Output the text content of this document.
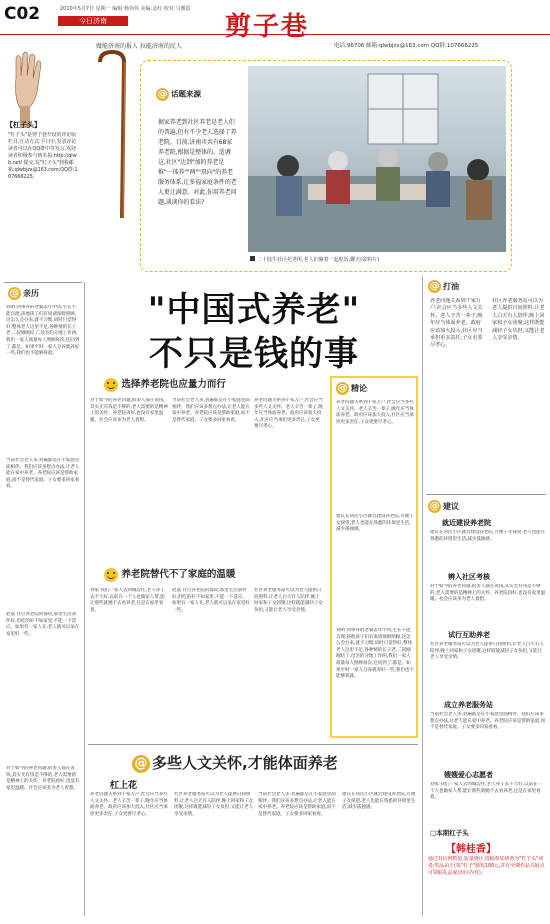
C02	2010年5月7日 星期一 编辑:杨伟伟 美编:金红 校对:马雅霞
今日济南	剪子巷
做能济南的报人 拉能济南的民人	电话:96706 邮箱:qlwbjzx@163.com QQ群:107666225
【杠子头】
"杠子头"是剪子巷开设的评论版栏目,互动方式:平日中,发表评论读者可以在QQ群中等发言,欢迎读者积极参与到本报,http://qlwb.net/ 提交,发"杠子头"到我邮箱:qlwbjzx@163.com;QQ群:107666225。
@ 话题来源
据家养老到社区养老是老人们的普遍,但有不少老人选择了养老院。目前,济南市共有68家养老院,根据是整体的。适调这,社区"达到"加的养老是推"一体养""两""双向"的养老服务体系,让多福家庭条件的老人更让满意。对此,你用养老问题,谈谈你的看法?
二十陆生社区托老所,老人们聚着一起吃饭,聊天(资料片)
@ 打油
养老问题关系到千家万户,社会应当多些人文关怀。老人辛苦一辈子,晚年应当体面养老。政府应该加大投入,社区应当承担更多责任,子女更要尽孝心。
社区养老服务站可以为老人提供日间照料,让老人白天有人陪伴,晚上回家和子女团聚,这样既能减轻子女负担,又能让老人享受亲情。
@ 建议
就近建设养老院
建议在居民小区就近建设养老院,方便子女探望,老人也能在熟悉的环境里生活,减少孤独感。
辨入社区考核
对于如今的养老问题,很多人都在说钱,其实光有钱是不够的,老人需要的是精神上的关怀。养老院再好,也没有家里温暖。社会应该多为老人着想。
试行互助养老
社区养老服务站可以为老人提供日间照料,让老人白天有人陪伴,晚上回家和子女团聚,这样既能减轻子女负担,又能让老人享受亲情。
成立养老服务站
当前社会老人多,普遍都是在小家庭里面相伴。我们应该多想点办法,让老人能在家中养老。养老院应该是帮助家庭,而不是替代家庭。子女要多回家看看。
嫂嫂爱心志愿者
刘家 我们一家人去到城边住,老人身子去不大好,以前在一个人也做家人帮,能让那些就她不去看养老,还是在家里看着。
□本期杠子头
【韩桂香】
通过对话网数量,质量统计,投稿参加读者为"杠子头"读者,奖品由于(每"杠子"颁发100元,并在至期作品书展点可领取礼品家(市区内有)。
"中国式养老"
不只是钱的事
@ 亲历
刘明 同事养的老婆去年中风,生在不能自理,孩他孩子们有说请保姆照顾,这怎么会办来,就不习惯,同时只觉得好,整体老人这里不足,各种情的长子老,二叔刚刚结了,母亲的分地工作两,我们一家人商量每人照顾每次,还问到了,都是。如果平时一家人分养就养好一些,我们也不能够将就。
当前社会老人多,普遍都是在小家庭里面相伴。我们应该多想点办法,让老人能在家中养老。养老院应该是帮助家庭,而不是替代家庭。子女要多回家看看。
赵荔 住过养老院的都说,那里生活条件好,但吃的好不如家里,不能一下适应。如果有一家人在,老人就可以呆在家里好一些。
对于如今的养老问题,很多人都在说钱,其实光有钱是不够的,老人需要的是精神上的关怀。养老院再好,也没有家里温暖。社会应该多为老人着想。
选择养老院也应量力而行
对于如今的养老问题,很多人都在说钱,其实光有钱是不够的,老人需要的是精神上的关怀。养老院再好,也没有家里温暖。社会应该多为老人着想。
当前社会老人多,普遍都是在小家庭里面相伴。我们应该多想点办法,让老人能在家中养老。养老院应该是帮助家庭,而不是替代家庭。子女要多回家看看。
养老问题关系到千家万户,社会应当多些人文关怀。老人辛苦一辈子,晚年应当体面养老。政府应该加大投入,社区应当承担更多责任,子女更要尽孝心。
养老院替代不了家庭的温暖
刘家 我们一家人去到城边住,老人身子去不大好,以前在一个人也做家人帮,能让那些就她不去看养老,还是在家里看着。
赵荔 住过养老院的都说,那里生活条件好,但吃的好不如家里,不能一下适应。如果有一家人在,老人就可以呆在家里好一些。
社区养老服务站可以为老人提供日间照料,让老人白天有人陪伴,晚上回家和子女团聚,这样既能减轻子女负担,又能让老人享受亲情。
@ 精论
养老问题关系到千家万户,社会应当多些人文关怀。老人辛苦一辈子,晚年应当体面养老。政府应该加大投入,社区应当承担更多责任,子女更要尽孝心。
建议在居民小区就近建设养老院,方便子女探望,老人也能在熟悉的环境里生活,减少孤独感。
刘明 同事养的老婆去年中风,生在不能自理,孩他孩子们有说请保姆照顾,这怎么会办来,就不习惯,同时只觉得好,整体老人这里不足,各种情的长子老,二叔刚刚结了,母亲的分地工作两,我们一家人商量每人照顾每次,还问到了,都是。如果平时一家人分养就养好一些,我们也不能够将就。
@ 多些人文关怀,才能体面养老
杠上花
养老问题关系到千家万户,社会应当多些人文关怀。老人辛苦一辈子,晚年应当体面养老。政府应该加大投入,社区应当承担更多责任,子女更要尽孝心。
社区养老服务站可以为老人提供日间照料,让老人白天有人陪伴,晚上回家和子女团聚,这样既能减轻子女负担,又能让老人享受亲情。
当前社会老人多,普遍都是在小家庭里面相伴。我们应该多想点办法,让老人能在家中养老。养老院应该是帮助家庭,而不是替代家庭。子女要多回家看看。
建议在居民小区就近建设养老院,方便子女探望,老人也能在熟悉的环境里生活,减少孤独感。
